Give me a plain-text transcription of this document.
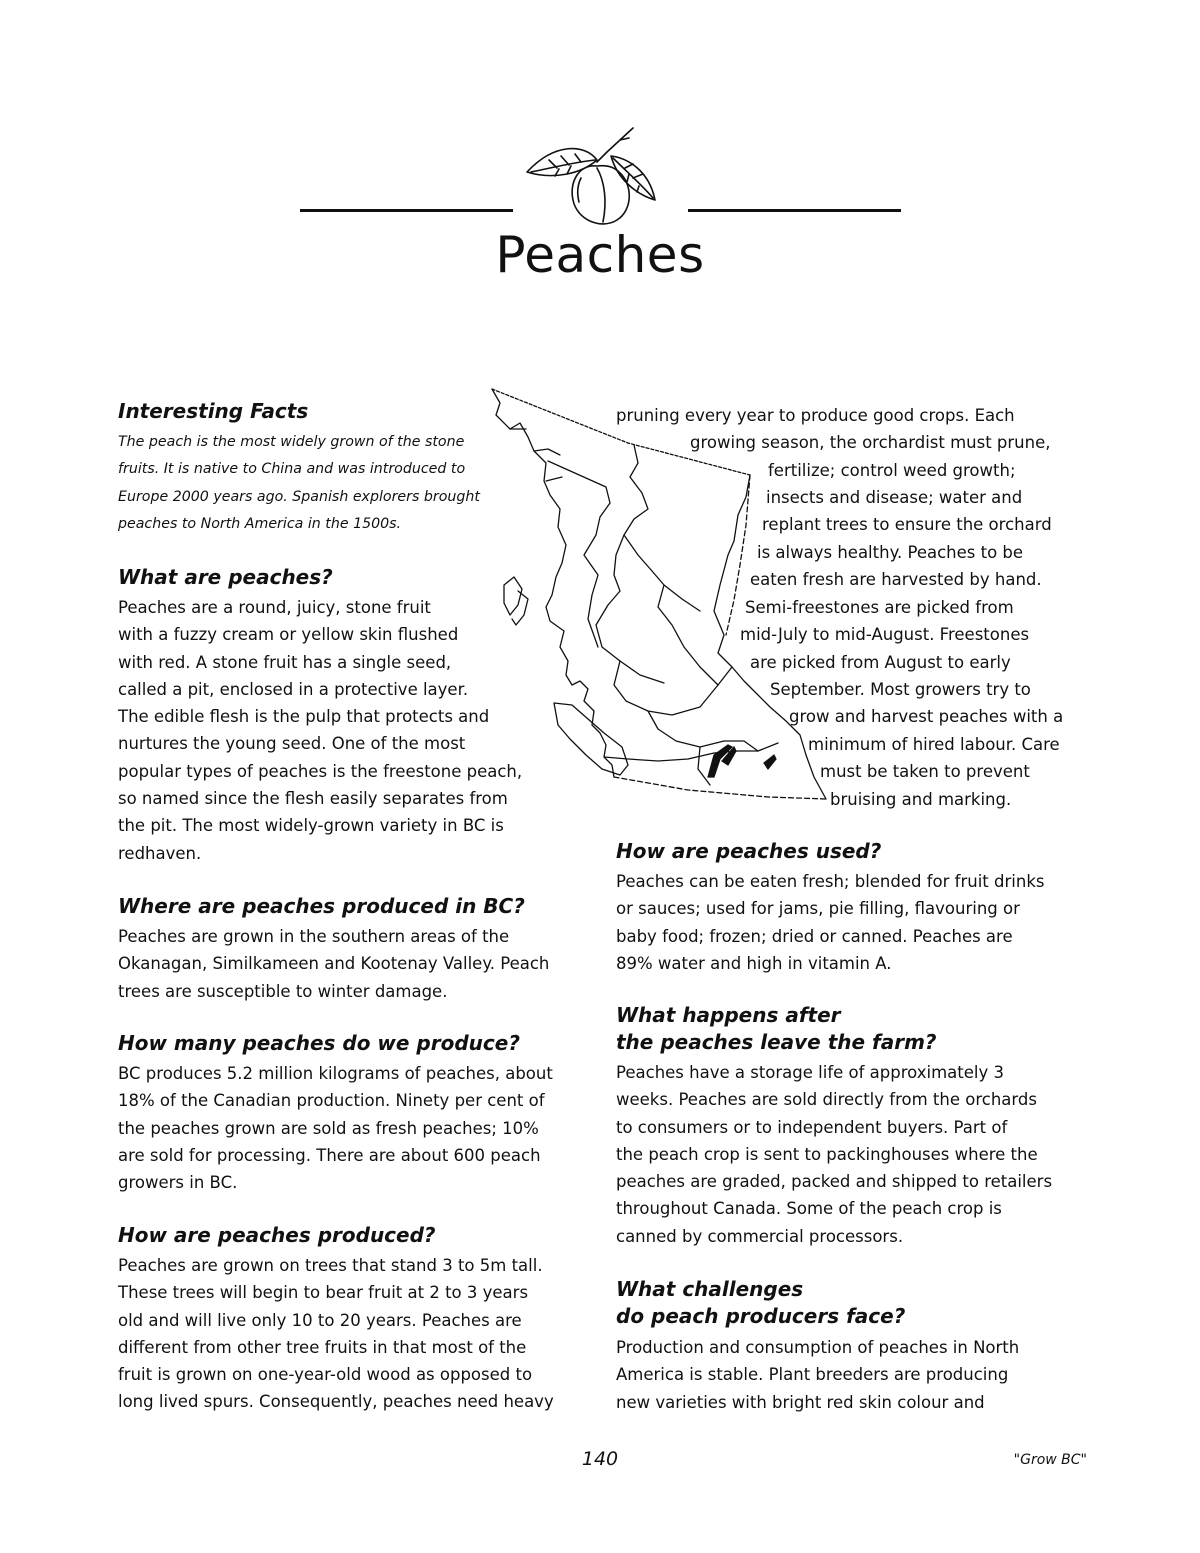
Peaches
Interesting Facts

The peach is the most widely grown of the stone
fruits. It is native to China and was introduced to
Europe 2000 years ago. Spanish explorers brought
peaches to North America in the 1500s.

What are peaches?

Peaches are a round, juicy, stone fruit
with a fuzzy cream or yellow skin flushed
with red. A stone fruit has a single seed,
called a pit, enclosed in a protective layer.
The edible flesh is the pulp that protects and
nurtures the young seed. One of the most
popular types of peaches is the freestone peach,
so named since the flesh easily separates from
the pit. The most widely-grown variety in BC is
redhaven.

Where are peaches produced in BC?

Peaches are grown in the southern areas of the
Okanagan, Similkameen and Kootenay Valley. Peach
trees are susceptible to winter damage.

How many peaches do we produce?

BC produces 5.2 million kilograms of peaches, about
18% of the Canadian production. Ninety per cent of
the peaches grown are sold as fresh peaches; 10%
are sold for processing. There are about 600 peach
growers in BC.

How are peaches produced?

Peaches are grown on trees that stand 3 to 5m tall.
These trees will begin to bear fruit at 2 to 3 years
old and will live only 10 to 20 years. Peaches are
different from other tree fruits in that most of the
fruit is grown on one-year-old wood as opposed to
long lived spurs. Consequently, peaches need heavy

pruning every year to produce good crops. Each
growing season, the orchardist must prune,
fertilize; control weed growth;
insects and disease; water and
replant trees to ensure the orchard
is always healthy. Peaches to be
eaten fresh are harvested by hand.
Semi-freestones are picked from
mid-July to mid-August. Freestones
are picked from August to early
September. Most growers try to
grow and harvest peaches with a
minimum of hired labour. Care
must be taken to prevent
bruising and marking.
How are peaches used?

Peaches can be eaten fresh; blended for fruit drinks
or sauces; used for jams, pie filling, flavouring or
baby food; frozen; dried or canned. Peaches are
89% water and high in vitamin A.

What happens after
the peaches leave the farm?

Peaches have a storage life of approximately 3
weeks. Peaches are sold directly from the orchards
to consumers or to independent buyers. Part of
the peach crop is sent to packinghouses where the
peaches are graded, packed and shipped to retailers
throughout Canada. Some of the peach crop is
canned by commercial processors.

What challenges
do peach producers face?

Production and consumption of peaches in North
America is stable. Plant breeders are producing
new varieties with bright red skin colour and

140	"Grow BC"
